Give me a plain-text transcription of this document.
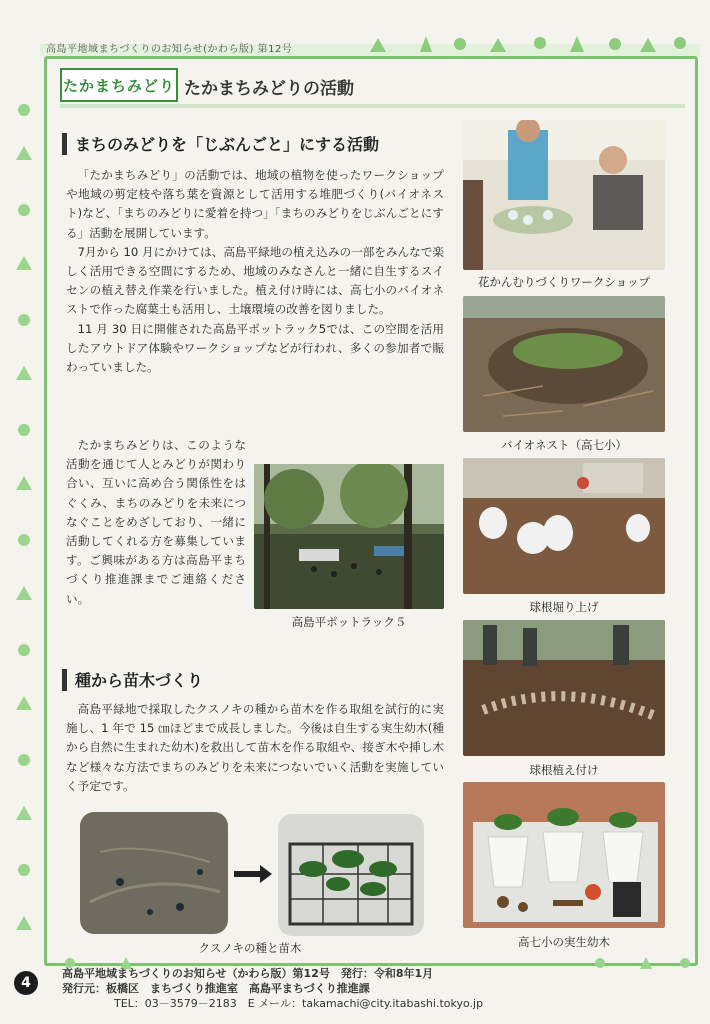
高島平地域まちづくりのお知らせ(かわら版) 第12号
たかまちみどり たかまちみどりの活動
まちのみどりを「じぶんごと」にする活動

「たかまちみどり」の活動では、地域の植物を使ったワークショップや地域の剪定枝や落ち葉を資源として活用する堆肥づくり(バイオネスト)など、「まちのみどりに愛着を持つ」「まちのみどりをじぶんごとにする」活動を展開しています。

7月から 10 月にかけては、高島平緑地の植え込みの一部をみんなで楽しく活用できる空間にするため、地域のみなさんと一緒に自生するスイセンの植え替え作業を行いました。植え付け時には、高七小のバイオネストで作った腐葉土も活用し、土壌環境の改善を図りました。

11 月 30 日に開催された高島平ポットラック5では、この空間を活用したアウトドア体験やワークショップなどが行われ、多くの参加者で賑わっていました。

たかまちみどりは、このような活動を通じて人とみどりが関わり合い、互いに高め合う関係性をはぐくみ、まちのみどりを未来につなぐことをめざしており、一緒に活動してくれる方を募集しています。ご興味がある方は高島平まちづくり推進課までご連絡ください。

高島平ポットラック５
種から苗木づくり

高島平緑地で採取したクスノキの種から苗木を作る取組を試行的に実施し、1 年で 15 ㎝ほどまで成長しました。今後は自生する実生幼木(種から自然に生まれた幼木)を救出して苗木を作る取組や、接ぎ木や挿し木など様々な方法でまちのみどりを未来につないでいく活動を実施していく予定です。

クスノキの種と苗木
花かんむりづくりワークショップ
バイオネスト（高七小）
球根堀り上げ
球根植え付け
高七小の実生幼木
4
高島平地域まちづくりのお知らせ（かわら版）第12号　発行：令和8年1月
発行元：板橋区　まちづくり推進室　高島平まちづくり推進課
TEL：03－3579－2183　E メール：takamachi@city.itabashi.tokyo.jp
